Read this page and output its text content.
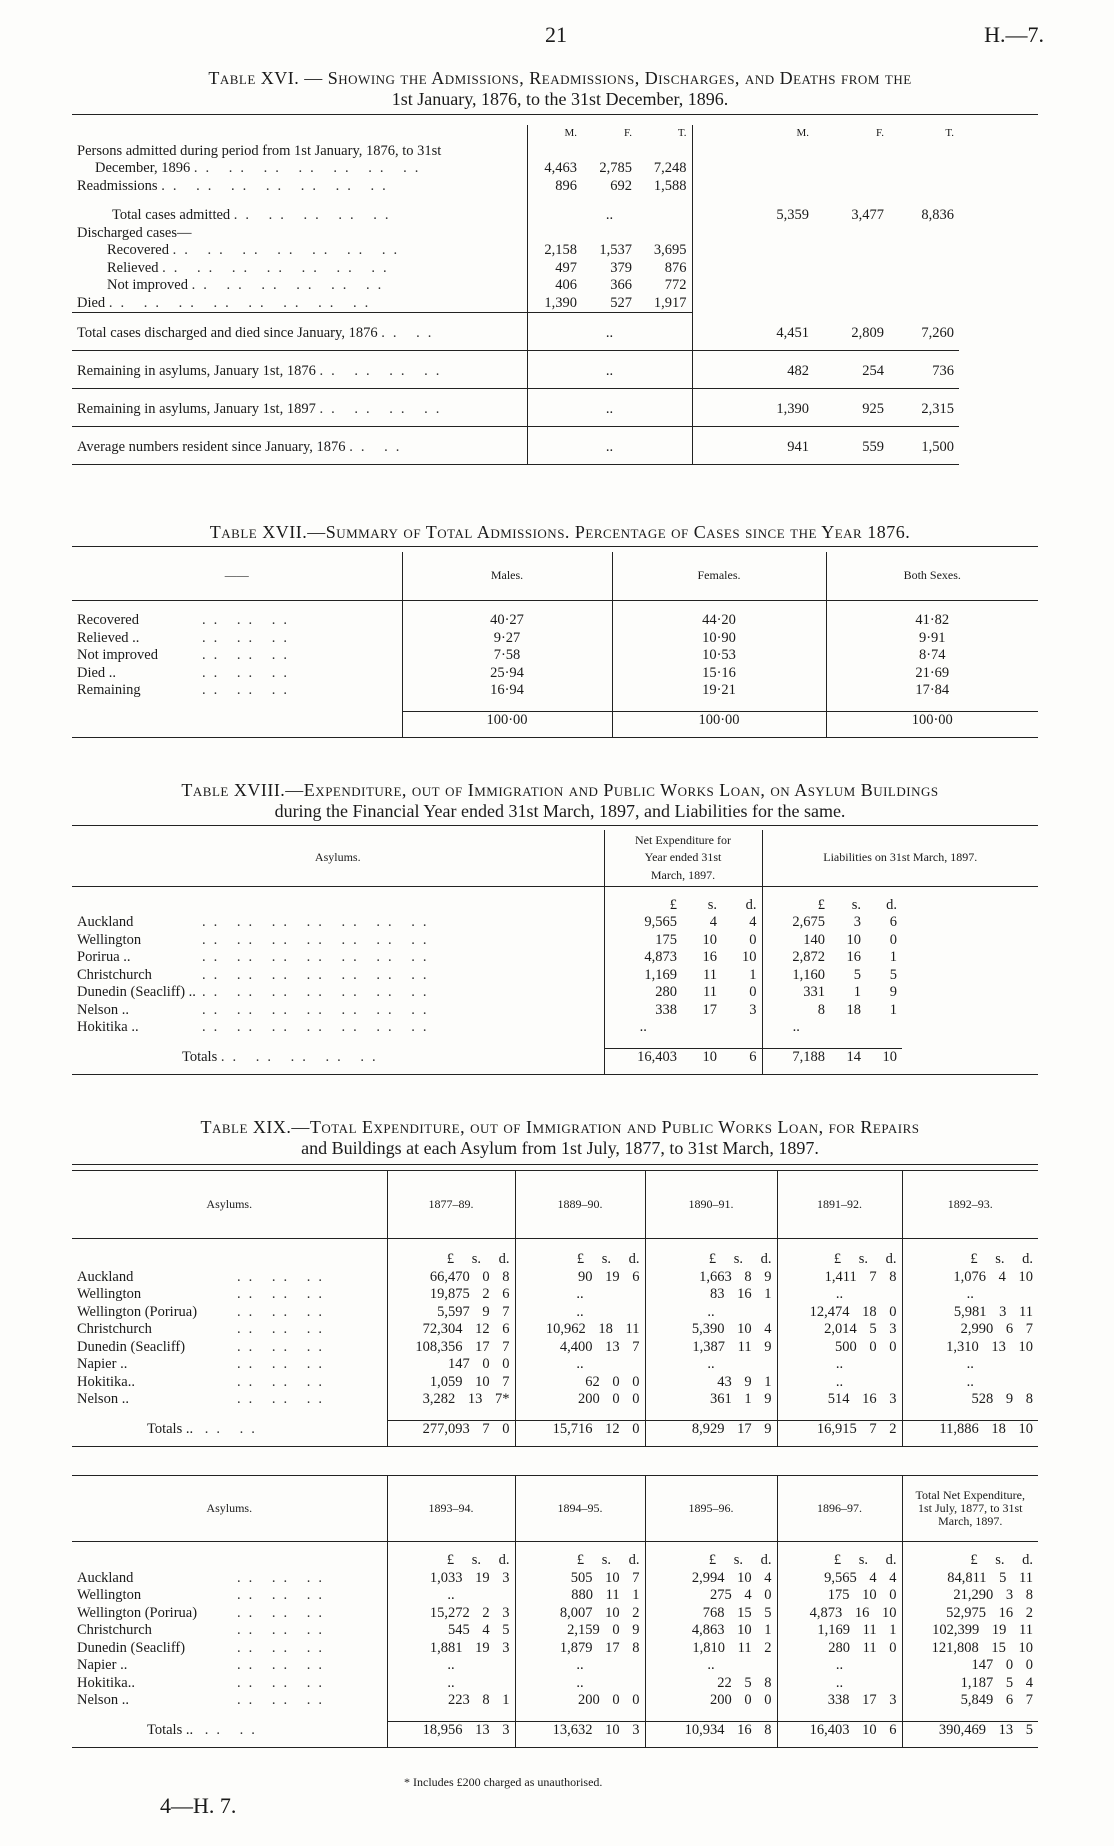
21	H.—7.
Table XVI. — Showing the Admissions, Readmissions, Discharges, and Deaths from the
1st January, 1876, to the 31st December, 1896.
	M.	F.	T.	M.	F.	T.	

Persons admitted during period from 1st January, 1876, to 31st
December, 1896 .. .. .. .. .. .. ..	4,463	2,785	7,248				
Readmissions .. .. .. .. .. .. ..	896	692	1,588				

Total cases admitted .. .. .. .. ..		..		5,359	3,477	8,836	
Discharged cases—							
Recovered .. .. .. .. .. .. ..	2,158	1,537	3,695				
Relieved .. .. .. .. .. .. ..	497	379	876				
Not improved .. .. .. .. .. ..	406	366	772				
Died .. .. .. .. .. .. .. ..	1,390	527	1,917				

Total cases discharged and died since January, 1876 .. ..		..		4,451	2,809	7,260	

Remaining in asylums, January 1st, 1876 .. .. .. ..		..		482	254	736	

Remaining in asylums, January 1st, 1897 .. .. .. ..		..		1,390	925	2,315	

Average numbers resident since January, 1876 .. ..		..		941	559	1,500	
Table XVII.—Summary of Total Admissions. Percentage of Cases since the Year 1876.
——	Males.	Females.	Both Sexes.

Recovered .. .. ..	40·27	44·20	41·82
Relieved .. .. .. ..	9·27	10·90	9·91
Not improved .. .. ..	7·58	10·53	8·74
Died .. .. .. ..	25·94	15·16	21·69
Remaining .. .. ..	16·94	19·21	17·84

	100·00	100·00	100·00
Table XVIII.—Expenditure, out of Immigration and Public Works Loan, on Asylum Buildings
during the Financial Year ended 31st March, 1897, and Liabilities for the same.
Asylums.	Net Expenditure for Year ended 31st March, 1897.			Liabilities on 31st March, 1897.			
	£	s.	d.	£	s.	d.	
Auckland .. .. .. .. .. .. ..	9,565	4	4	2,675	3	6	
Wellington .. .. .. .. .. .. ..	175	10	0	140	10	0	
Porirua .. .. .. .. .. .. .. ..	4,873	16	10	2,872	16	1	
Christchurch .. .. .. .. .. .. ..	1,169	11	1	1,160	5	5	
Dunedin (Seacliff) .. .. .. .. .. .. .. ..	280	11	0	331	1	9	
Nelson .. .. .. .. .. .. .. ..	338	17	3	8	18	1	
Hokitika .. .. .. .. .. .. .. ..	..			..			

Totals .. .. .. .. ..	16,403	10	6	7,188	14	10	
Table XIX.—Total Expenditure, out of Immigration and Public Works Loan, for Repairs
and Buildings at each Asylum from 1st July, 1877, to 31st March, 1897.
Asylums.	1877–89.	1889–90.	1890–91.	1891–92.	1892–93.
	£ s. d.	£ s. d.	£ s. d.	£ s. d.	£ s. d.
Auckland .. .. ..	66,470 0 8	90 19 6	1,663 8 9	1,411 7 8	1,076 4 10
Wellington .. .. ..	19,875 2 6	..	83 16 1	..	..
Wellington (Porirua) .. .. ..	5,597 9 7	..	..	12,474 18 0	5,981 3 11
Christchurch .. .. ..	72,304 12 6	10,962 18 11	5,390 10 4	2,014 5 3	2,990 6 7
Dunedin (Seacliff) .. .. ..	108,356 17 7	4,400 13 7	1,387 11 9	500 0 0	1,310 13 10
Napier .. .. .. ..	147 0 0	..	..	..	..
Hokitika.. .. .. ..	1,059 10 7	62 0 0	43 9 1	..	..
Nelson .. .. .. ..	3,282 13 7*	200 0 0	361 1 9	514 16 3	528 9 8

Totals .. .. ..	277,093 7 0	15,716 12 0	8,929 17 9	16,915 7 2	11,886 18 10
Asylums.	1893–94.	1894–95.	1895–96.	1896–97.	Total Net Expenditure, 1st July, 1877, to 31st March, 1897.
	£ s. d.	£ s. d.	£ s. d.	£ s. d.	£ s. d.
Auckland .. .. ..	1,033 19 3	505 10 7	2,994 10 4	9,565 4 4	84,811 5 11
Wellington .. .. ..	..	880 11 1	275 4 0	175 10 0	21,290 3 8
Wellington (Porirua) .. .. ..	15,272 2 3	8,007 10 2	768 15 5	4,873 16 10	52,975 16 2
Christchurch .. .. ..	545 4 5	2,159 0 9	4,863 10 1	1,169 11 1	102,399 19 11
Dunedin (Seacliff) .. .. ..	1,881 19 3	1,879 17 8	1,810 11 2	280 11 0	121,808 15 10
Napier .. .. .. ..	..	..	..	..	147 0 0
Hokitika.. .. .. ..	..	..	22 5 8	..	1,187 5 4
Nelson .. .. .. ..	223 8 1	200 0 0	200 0 0	338 17 3	5,849 6 7

Totals .. .. ..	18,956 13 3	13,632 10 3	10,934 16 8	16,403 10 6	390,469 13 5
* Includes £200 charged as unauthorised.
4—H. 7.
